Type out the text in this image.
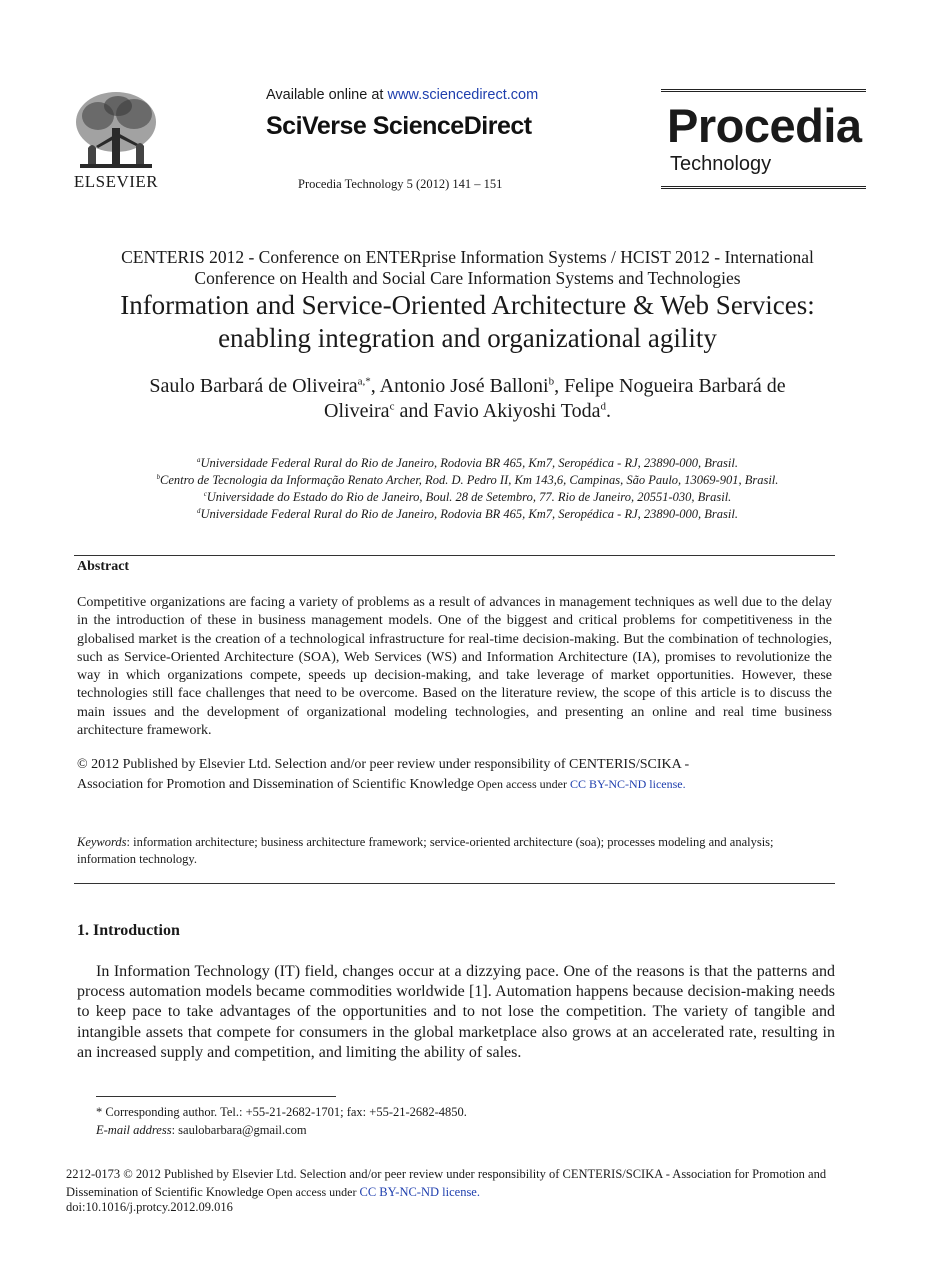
ELSEVIER
Available online at www.sciencedirect.com
SciVerse ScienceDirect
Procedia Technology 5 (2012) 141 – 151
Procedia
Technology
CENTERIS 2012 - Conference on ENTERprise Information Systems / HCIST 2012 - International
Conference on Health and Social Care Information Systems and Technologies
Information and Service-Oriented Architecture & Web Services:
enabling integration and organizational agility
Saulo Barbará de Oliveira$^{a,*}$, Antonio José Balloni$^b$, Felipe Nogueira Barbará de
Oliveira$^c$ and Favio Akiyoshi Toda$^d$.
$^a$Universidade Federal Rural do Rio de Janeiro, Rodovia BR 465, Km7, Seropédica - RJ, 23890-000, Brasil.
$^b$Centro de Tecnologia da Informação Renato Archer, Rod. D. Pedro II, Km 143,6, Campinas, São Paulo, 13069-901, Brasil.
$^c$Universidade do Estado do Rio de Janeiro, Boul. 28 de Setembro, 77. Rio de Janeiro, 20551-030, Brasil.
$^d$Universidade Federal Rural do Rio de Janeiro, Rodovia BR 465, Km7, Seropédica - RJ, 23890-000, Brasil.
Abstract
Competitive organizations are facing a variety of problems as a result of advances in management techniques as well due to the delay in the introduction of these in business management models. One of the biggest and critical problems for competitiveness in the globalised market is the creation of a technological infrastructure for real-time decision-making. But the combination of technologies, such as Service-Oriented Architecture (SOA), Web Services (WS) and Information Architecture (IA), promises to revolutionize the way in which organizations compete, speeds up decision-making, and take leverage of market opportunities. However, these technologies still face challenges that need to be overcome. Based on the literature review, the scope of this article is to discuss the main issues and the development of organizational modeling technologies, and presenting an online and real time business architecture framework.
© 2012 Published by Elsevier Ltd. Selection and/or peer review under responsibility of CENTERIS/SCIKA -
Association for Promotion and Dissemination of Scientific Knowledge Open access under CC BY-NC-ND license.
Keywords: information architecture; business architecture framework; service-oriented architecture (soa); processes modeling and analysis; information technology.
1. Introduction
In Information Technology (IT) field, changes occur at a dizzying pace. One of the reasons is that the patterns and process automation models became commodities worldwide [1]. Automation happens because decision-making needs to keep pace to take advantages of the opportunities and to not lose the competition. The variety of tangible and intangible assets that compete for consumers in the global marketplace also grows at an accelerated rate, resulting in an increased supply and competition, and limiting the ability of sales.
* Corresponding author. Tel.: +55-21-2682-1701; fax: +55-21-2682-4850.
E-mail address: saulobarbara@gmail.com
2212-0173 © 2012 Published by Elsevier Ltd. Selection and/or peer review under responsibility of CENTERIS/SCIKA - Association for Promotion and Dissemination of Scientific Knowledge Open access under CC BY-NC-ND license.
doi:10.1016/j.protcy.2012.09.016
